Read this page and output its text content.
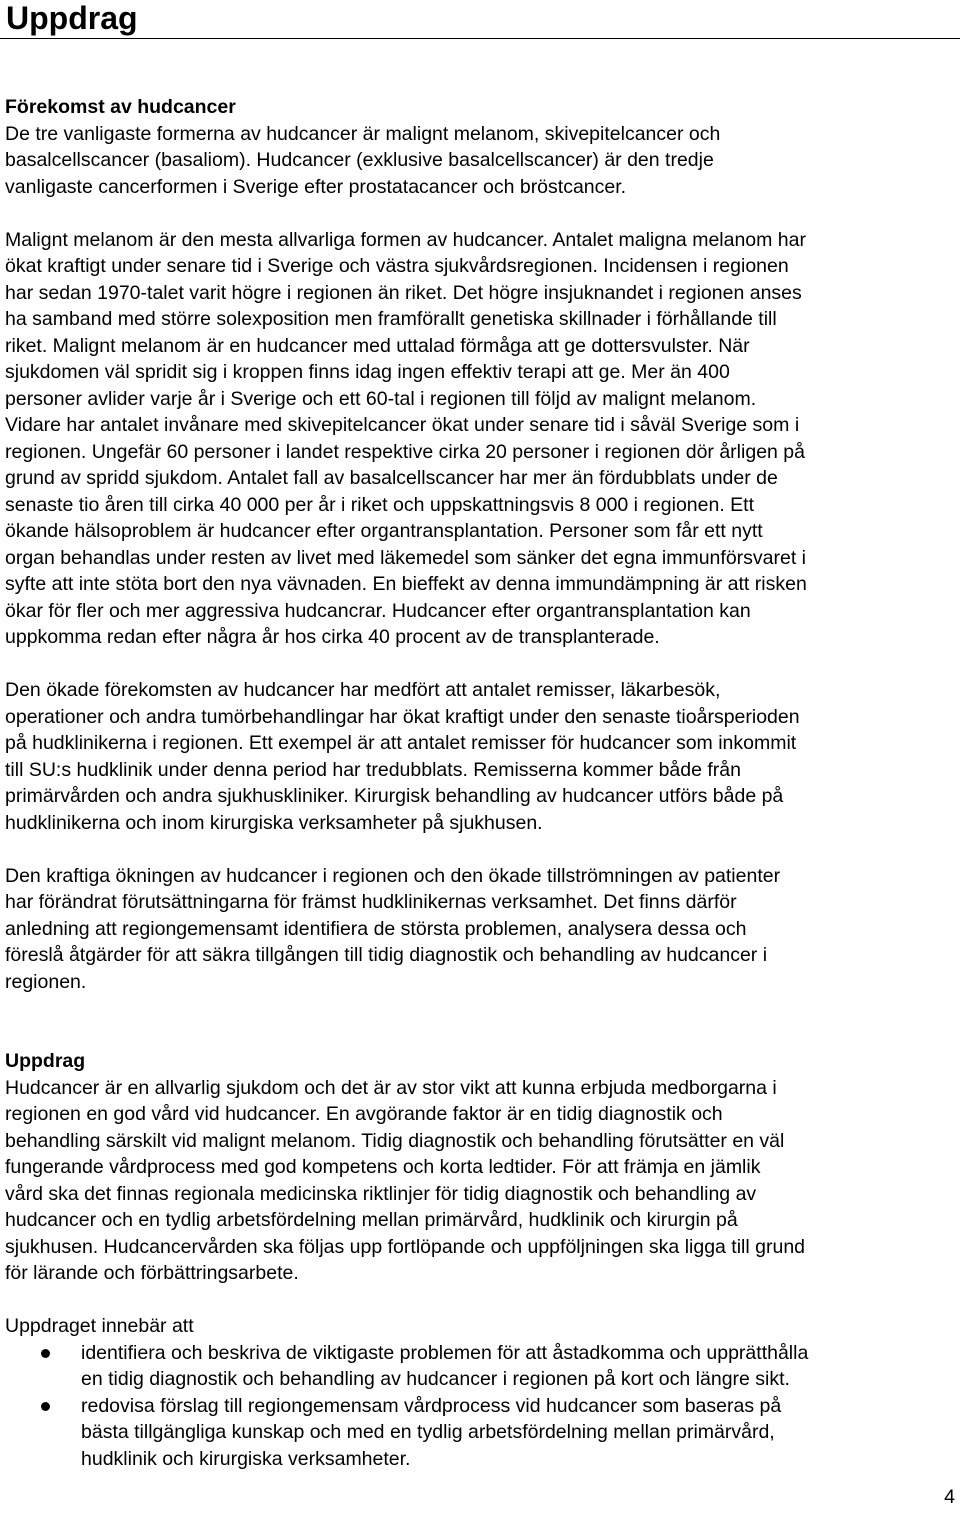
Uppdrag
Förekomst av hudcancer
De tre vanligaste formerna av hudcancer är malignt melanom, skivepitelcancer och
basalcellscancer (basaliom). Hudcancer (exklusive basalcellscancer) är den tredje
vanligaste cancerformen i Sverige efter prostatacancer och bröstcancer.
Malignt melanom är den mesta allvarliga formen av hudcancer. Antalet maligna melanom har
ökat kraftigt under senare tid i Sverige och västra sjukvårdsregionen. Incidensen i regionen
har sedan 1970-talet varit högre i regionen än riket. Det högre insjuknandet i regionen anses
ha samband med större solexposition men framförallt genetiska skillnader i förhållande till
riket. Malignt melanom är en hudcancer med uttalad förmåga att ge dottersvulster. När
sjukdomen väl spridit sig i kroppen finns idag ingen effektiv terapi att ge. Mer än 400
personer avlider varje år i Sverige och ett 60-tal i regionen till följd av malignt melanom.
Vidare har antalet invånare med skivepitelcancer ökat under senare tid i såväl Sverige som i
regionen. Ungefär 60 personer i landet respektive cirka 20 personer i regionen dör årligen på
grund av spridd sjukdom. Antalet fall av basalcellscancer har mer än fördubblats under de
senaste tio åren till cirka 40 000 per år i riket och uppskattningsvis 8 000 i regionen. Ett
ökande hälsoproblem är hudcancer efter organtransplantation. Personer som får ett nytt
organ behandlas under resten av livet med läkemedel som sänker det egna immunförsvaret i
syfte att inte stöta bort den nya vävnaden. En bieffekt av denna immundämpning är att risken
ökar för fler och mer aggressiva hudcancrar. Hudcancer efter organtransplantation kan
uppkomma redan efter några år hos cirka 40 procent av de transplanterade.
Den ökade förekomsten av hudcancer har medfört att antalet remisser, läkarbesök,
operationer och andra tumörbehandlingar har ökat kraftigt under den senaste tioårsperioden
på hudklinikerna i regionen. Ett exempel är att antalet remisser för hudcancer som inkommit
till SU:s hudklinik under denna period har tredubblats. Remisserna kommer både från
primärvården och andra sjukhuskliniker. Kirurgisk behandling av hudcancer utförs både på
hudklinikerna och inom kirurgiska verksamheter på sjukhusen.
Den kraftiga ökningen av hudcancer i regionen och den ökade tillströmningen av patienter
har förändrat förutsättningarna för främst hudklinikernas verksamhet. Det finns därför
anledning att regiongemensamt identifiera de största problemen, analysera dessa och
föreslå åtgärder för att säkra tillgången till tidig diagnostik och behandling av hudcancer i
regionen.
Uppdrag
Hudcancer är en allvarlig sjukdom och det är av stor vikt att kunna erbjuda medborgarna i
regionen en god vård vid hudcancer. En avgörande faktor är en tidig diagnostik och
behandling särskilt vid malignt melanom. Tidig diagnostik och behandling förutsätter en väl
fungerande vårdprocess med god kompetens och korta ledtider. För att främja en jämlik
vård ska det finnas regionala medicinska riktlinjer för tidig diagnostik och behandling av
hudcancer och en tydlig arbetsfördelning mellan primärvård, hudklinik och kirurgin på
sjukhusen. Hudcancervården ska följas upp fortlöpande och uppföljningen ska ligga till grund
för lärande och förbättringsarbete.
Uppdraget innebär att
identifiera och beskriva de viktigaste problemen för att åstadkomma och upprätthålla
en tidig diagnostik och behandling av hudcancer i regionen på kort och längre sikt.
redovisa förslag till regiongemensam vårdprocess vid hudcancer som baseras på
bästa tillgängliga kunskap och med en tydlig arbetsfördelning mellan primärvård,
hudklinik och kirurgiska verksamheter.
4
